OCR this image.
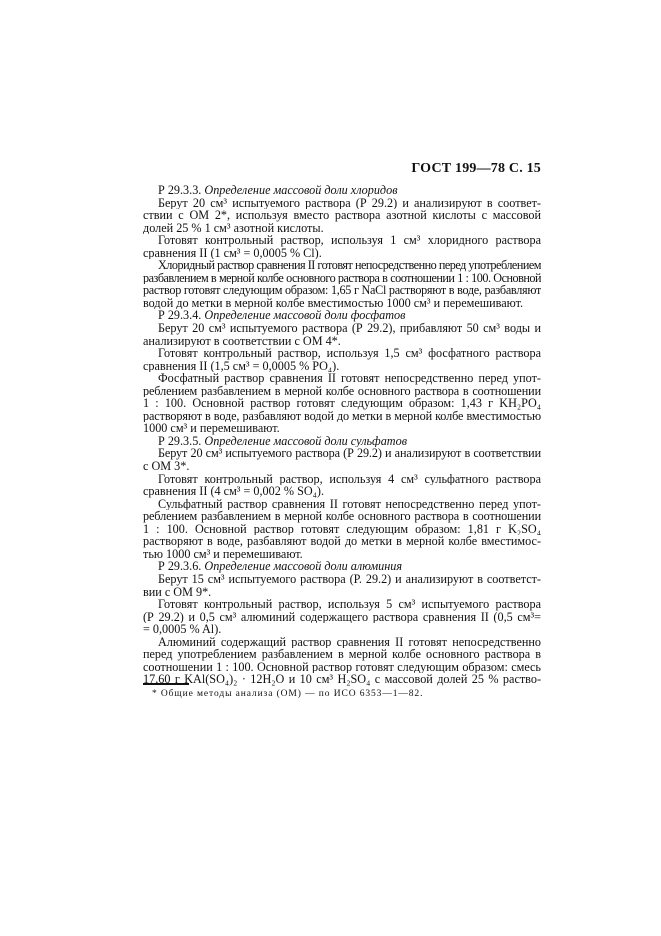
ГОСТ 199—78 С. 15
Р 29.3.3. Определение массовой доли хлоридов
Берут 20 см³ испытуемого раствора (Р 29.2) и анализируют в соответ-
ствии с ОМ 2*, используя вместо раствора азотной кислоты с массовой
долей 25 % 1 см³ азотной кислоты.
Готовят контрольный раствор, используя 1 см³ хлоридного раствора
сравнения II (1 см³ = 0,0005 % Cl).
Хлоридный раствор сравнения II готовят непосредственно перед употреблением
разбавлением в мерной колбе основного раствора в соотношении 1 : 100. Основной
раствор готовят следующим образом: 1,65 г NaCl растворяют в воде, разбавляют
водой до метки в мерной колбе вместимостью 1000 см³ и перемешивают.
Р 29.3.4. Определение массовой доли фосфатов
Берут 20 см³ испытуемого раствора (Р 29.2), прибавляют 50 см³ воды и
анализируют в соответствии с ОМ 4*.
Готовят контрольный раствор, используя 1,5 см³ фосфатного раствора
сравнения II (1,5 см³ = 0,0005 % PO₄).
Фосфатный раствор сравнения II готовят непосредственно перед упот-
реблением разбавлением в мерной колбе основного раствора в соотношении
1 : 100. Основной раствор готовят следующим образом: 1,43 г KH₂PO₄
растворяют в воде, разбавляют водой до метки в мерной колбе вместимостью
1000 см³ и перемешивают.
Р 29.3.5. Определение массовой доли сульфатов
Берут 20 см³ испытуемого раствора (Р 29.2) и анализируют в соответствии
с ОМ 3*.
Готовят контрольный раствор, используя 4 см³ сульфатного раствора
сравнения II (4 см³ = 0,002 % SO₄).
Сульфатный раствор сравнения II готовят непосредственно перед упот-
реблением разбавлением в мерной колбе основного раствора в соотношении
1 : 100. Основной раствор готовят следующим образом: 1,81 г K₂SO₄
растворяют в воде, разбавляют водой до метки в мерной колбе вместимос-
тью 1000 см³ и перемешивают.
Р 29.3.6. Определение массовой доли алюминия
Берут 15 см³ испытуемого раствора (Р. 29.2) и анализируют в соответст-
вии с ОМ 9*.
Готовят контрольный раствор, используя 5 см³ испытуемого раствора
(Р 29.2) и 0,5 см³ алюминий содержащего раствора сравнения II (0,5 см³=
= 0,0005 % Al).
Алюминий содержащий раствор сравнения II готовят непосредственно
перед употреблением разбавлением в мерной колбе основного раствора в
соотношении 1 : 100. Основной раствор готовят следующим образом: смесь
17,60 г KAl(SO₄)₂ · 12H₂O и 10 см³ H₂SO₄ с массовой долей 25 % раство-
* Общие методы анализа (ОМ) — по ИСО 6353—1—82.
